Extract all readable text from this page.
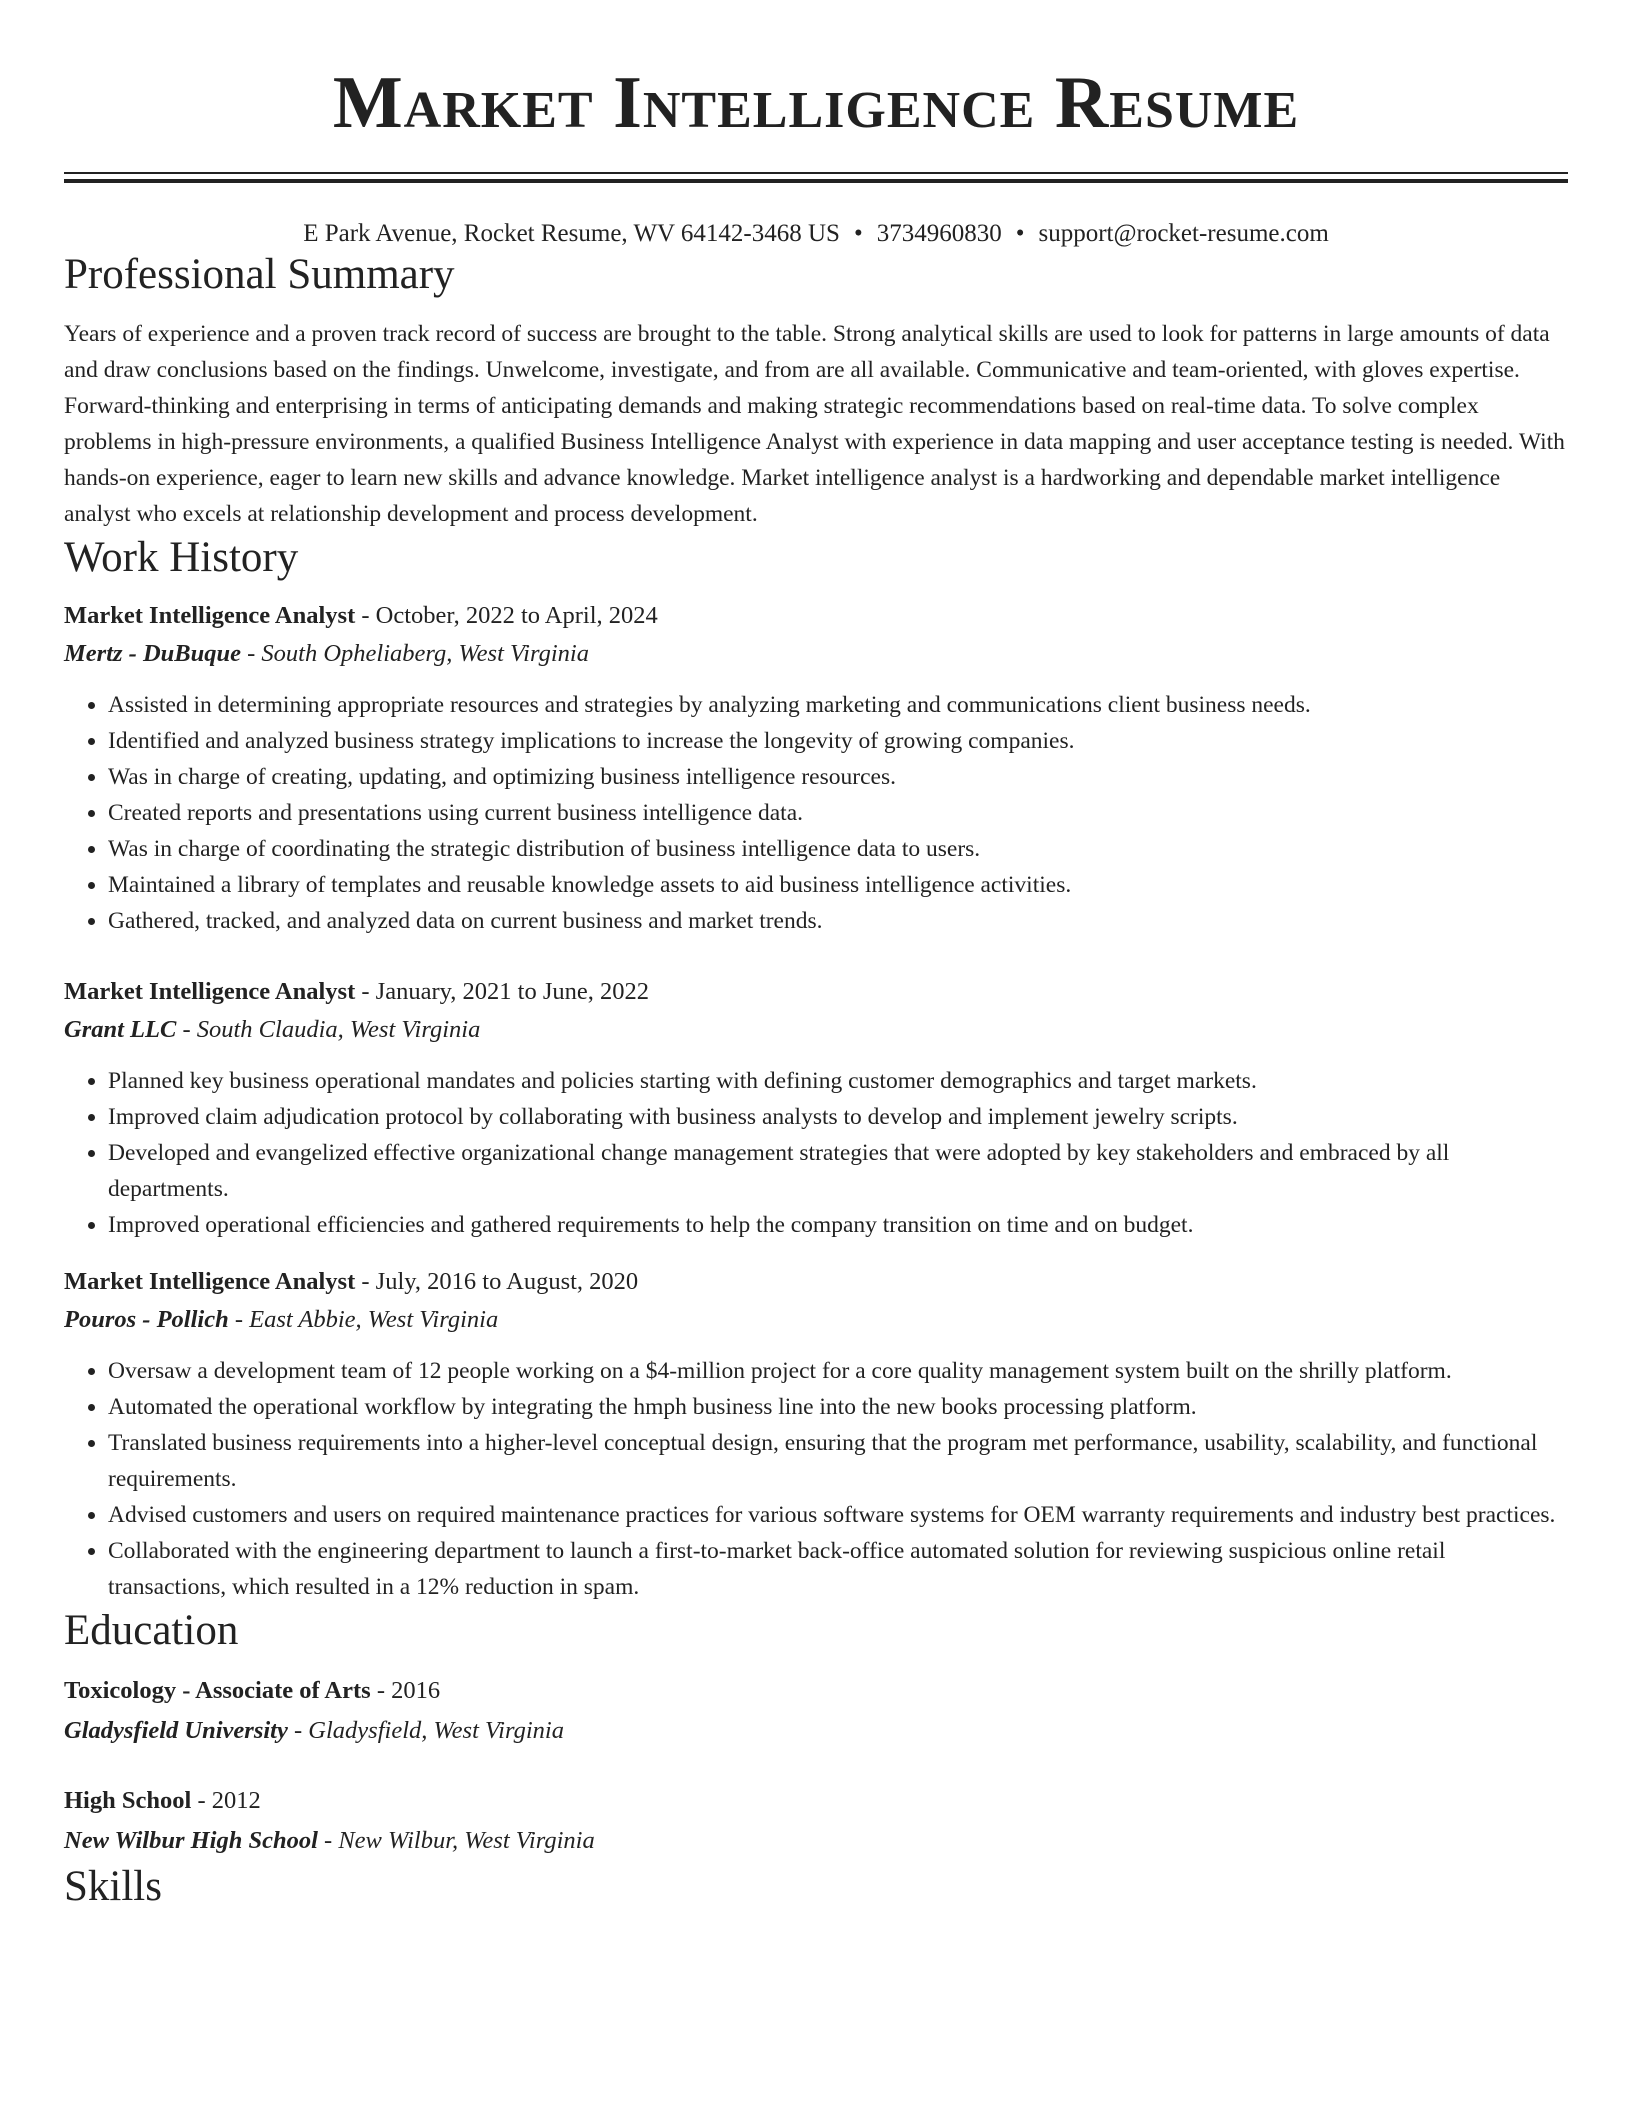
Market Intelligence Resume
E Park Avenue, Rocket Resume, WV 64142-3468 US • 3734960830 • support@rocket-resume.com
Professional Summary
Years of experience and a proven track record of success are brought to the table. Strong analytical skills are used to look for patterns in large amounts of data and draw conclusions based on the findings. Unwelcome, investigate, and from are all available. Communicative and team-oriented, with gloves expertise. Forward-thinking and enterprising in terms of anticipating demands and making strategic recommendations based on real-time data. To solve complex problems in high-pressure environments, a qualified Business Intelligence Analyst with experience in data mapping and user acceptance testing is needed. With hands-on experience, eager to learn new skills and advance knowledge. Market intelligence analyst is a hardworking and dependable market intelligence analyst who excels at relationship development and process development.
Work History
Market Intelligence Analyst - October, 2022 to April, 2024
Mertz - DuBuque - South Opheliaberg, West Virginia
• Assisted in determining appropriate resources and strategies by analyzing marketing and communications client business needs.
• Identified and analyzed business strategy implications to increase the longevity of growing companies.
• Was in charge of creating, updating, and optimizing business intelligence resources.
• Created reports and presentations using current business intelligence data.
• Was in charge of coordinating the strategic distribution of business intelligence data to users.
• Maintained a library of templates and reusable knowledge assets to aid business intelligence activities.
• Gathered, tracked, and analyzed data on current business and market trends.
Market Intelligence Analyst - January, 2021 to June, 2022
Grant LLC - South Claudia, West Virginia
• Planned key business operational mandates and policies starting with defining customer demographics and target markets.
• Improved claim adjudication protocol by collaborating with business analysts to develop and implement jewelry scripts.
• Developed and evangelized effective organizational change management strategies that were adopted by key stakeholders and embraced by all departments.
• Improved operational efficiencies and gathered requirements to help the company transition on time and on budget.
Market Intelligence Analyst - July, 2016 to August, 2020
Pouros - Pollich - East Abbie, West Virginia
• Oversaw a development team of 12 people working on a $4-million project for a core quality management system built on the shrilly platform.
• Automated the operational workflow by integrating the hmph business line into the new books processing platform.
• Translated business requirements into a higher-level conceptual design, ensuring that the program met performance, usability, scalability, and functional requirements.
• Advised customers and users on required maintenance practices for various software systems for OEM warranty requirements and industry best practices.
• Collaborated with the engineering department to launch a first-to-market back-office automated solution for reviewing suspicious online retail transactions, which resulted in a 12% reduction in spam.
Education
Toxicology - Associate of Arts - 2016
Gladysfield University - Gladysfield, West Virginia
High School - 2012
New Wilbur High School - New Wilbur, West Virginia
Skills
